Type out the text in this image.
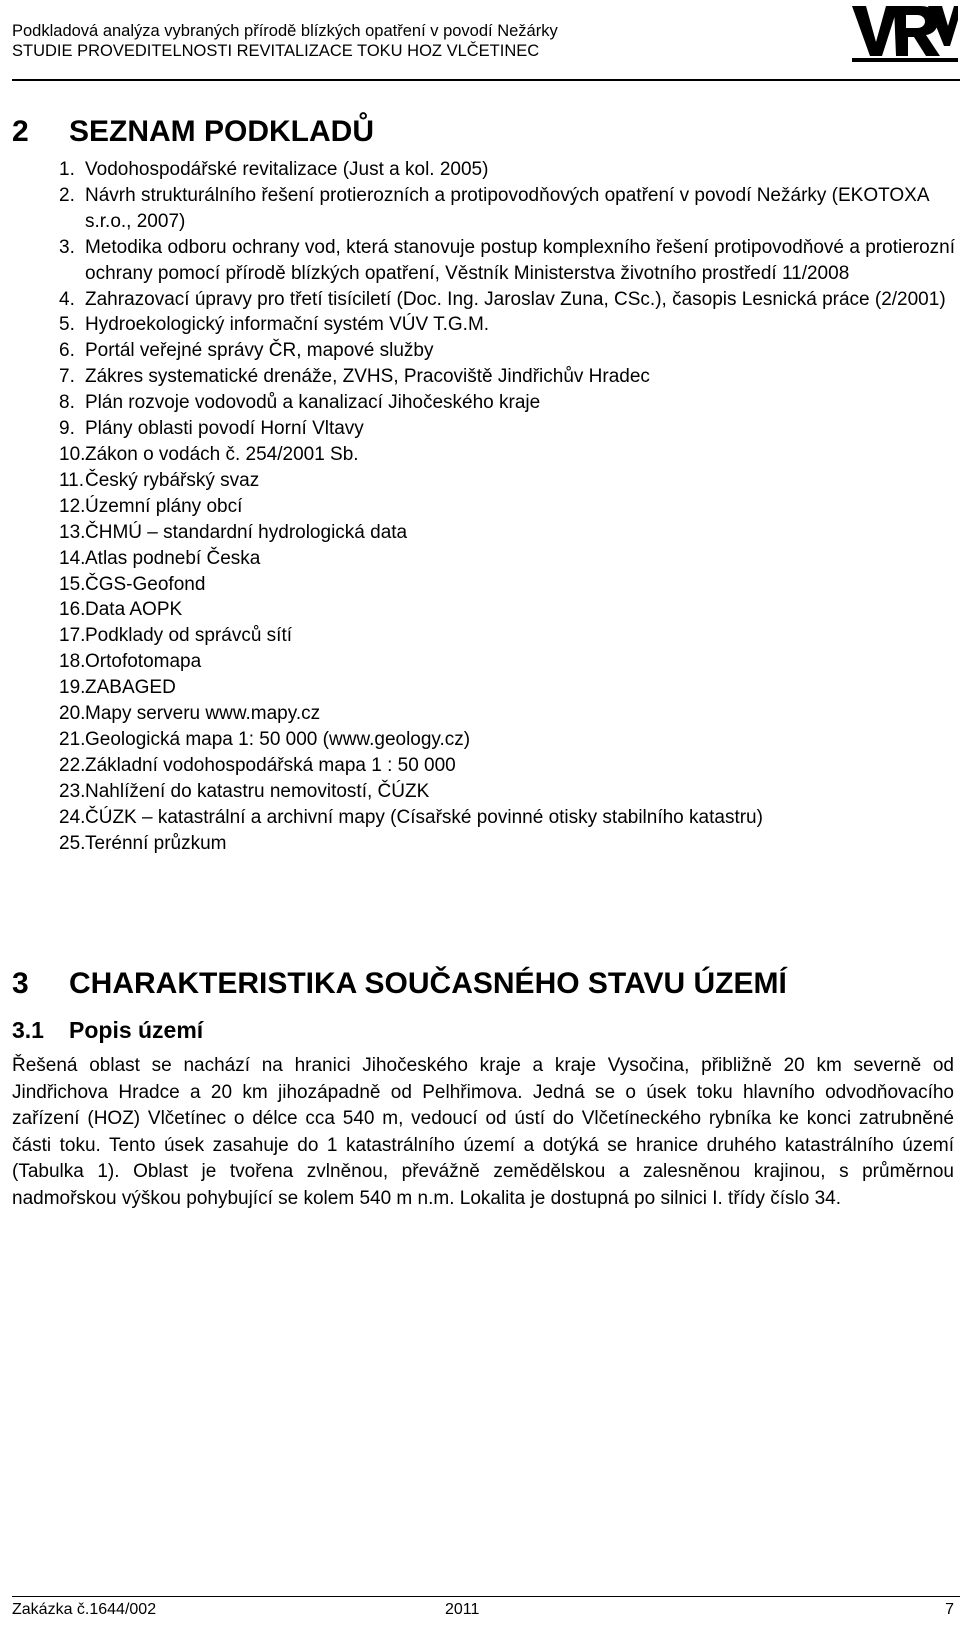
Podkladová analýza vybraných přírodě blízkých opatření v povodí Nežárky
STUDIE PROVEDITELNOSTI REVITALIZACE TOKU HOZ VLČETINEC
2 SEZNAM PODKLADŮ
1. Vodohospodářské revitalizace (Just a kol. 2005)
2. Návrh strukturálního řešení protierozních a protipovodňových opatření v povodí Nežárky (EKOTOXA s.r.o., 2007)
3. Metodika odboru ochrany vod, která stanovuje postup komplexního řešení protipovodňové a protierozní ochrany pomocí přírodě blízkých opatření, Věstník Ministerstva životního prostředí 11/2008
4. Zahrazovací úpravy pro třetí tisíciletí (Doc. Ing. Jaroslav Zuna, CSc.), časopis Lesnická práce (2/2001)
5. Hydroekologický informační systém VÚV T.G.M.
6. Portál veřejné správy ČR, mapové služby
7. Zákres systematické drenáže, ZVHS, Pracoviště Jindřichův Hradec
8. Plán rozvoje vodovodů a kanalizací Jihočeského kraje
9. Plány oblasti povodí Horní Vltavy
10. Zákon o vodách č. 254/2001 Sb.
11. Český rybářský svaz
12. Územní plány obcí
13. ČHMÚ – standardní hydrologická data
14. Atlas podnebí Česka
15. ČGS-Geofond
16. Data AOPK
17. Podklady od správců sítí
18. Ortofotomapa
19. ZABAGED
20. Mapy serveru www.mapy.cz
21. Geologická mapa 1: 50 000 (www.geology.cz)
22. Základní vodohospodářská mapa 1 : 50 000
23. Nahlížení do katastru nemovitostí, ČÚZK
24. ČÚZK – katastrální a archivní mapy (Císařské povinné otisky stabilního katastru)
25. Terénní průzkum
3 CHARAKTERISTIKA SOUČASNÉHO STAVU ÚZEMÍ
3.1 Popis území

Řešená oblast se nachází na hranici Jihočeského kraje a kraje Vysočina, přibližně 20 km severně od Jindřichova Hradce a 20 km jihozápadně od Pelhřimova. Jedná se o úsek toku hlavního odvodňovacího zařízení (HOZ) Vlčetínec o délce cca 540 m, vedoucí od ústí do Vlčetíneckého rybníka ke konci zatrubněné části toku. Tento úsek zasahuje do 1 katastrálního území a dotýká se hranice druhého katastrálního území (Tabulka 1). Oblast je tvořena zvlněnou, převážně zemědělskou a zalesněnou krajinou, s průměrnou nadmořskou výškou pohybující se kolem 540 m n.m. Lokalita je dostupná po silnici I. třídy číslo 34.

Zakázka č.1644/002	2011	7
